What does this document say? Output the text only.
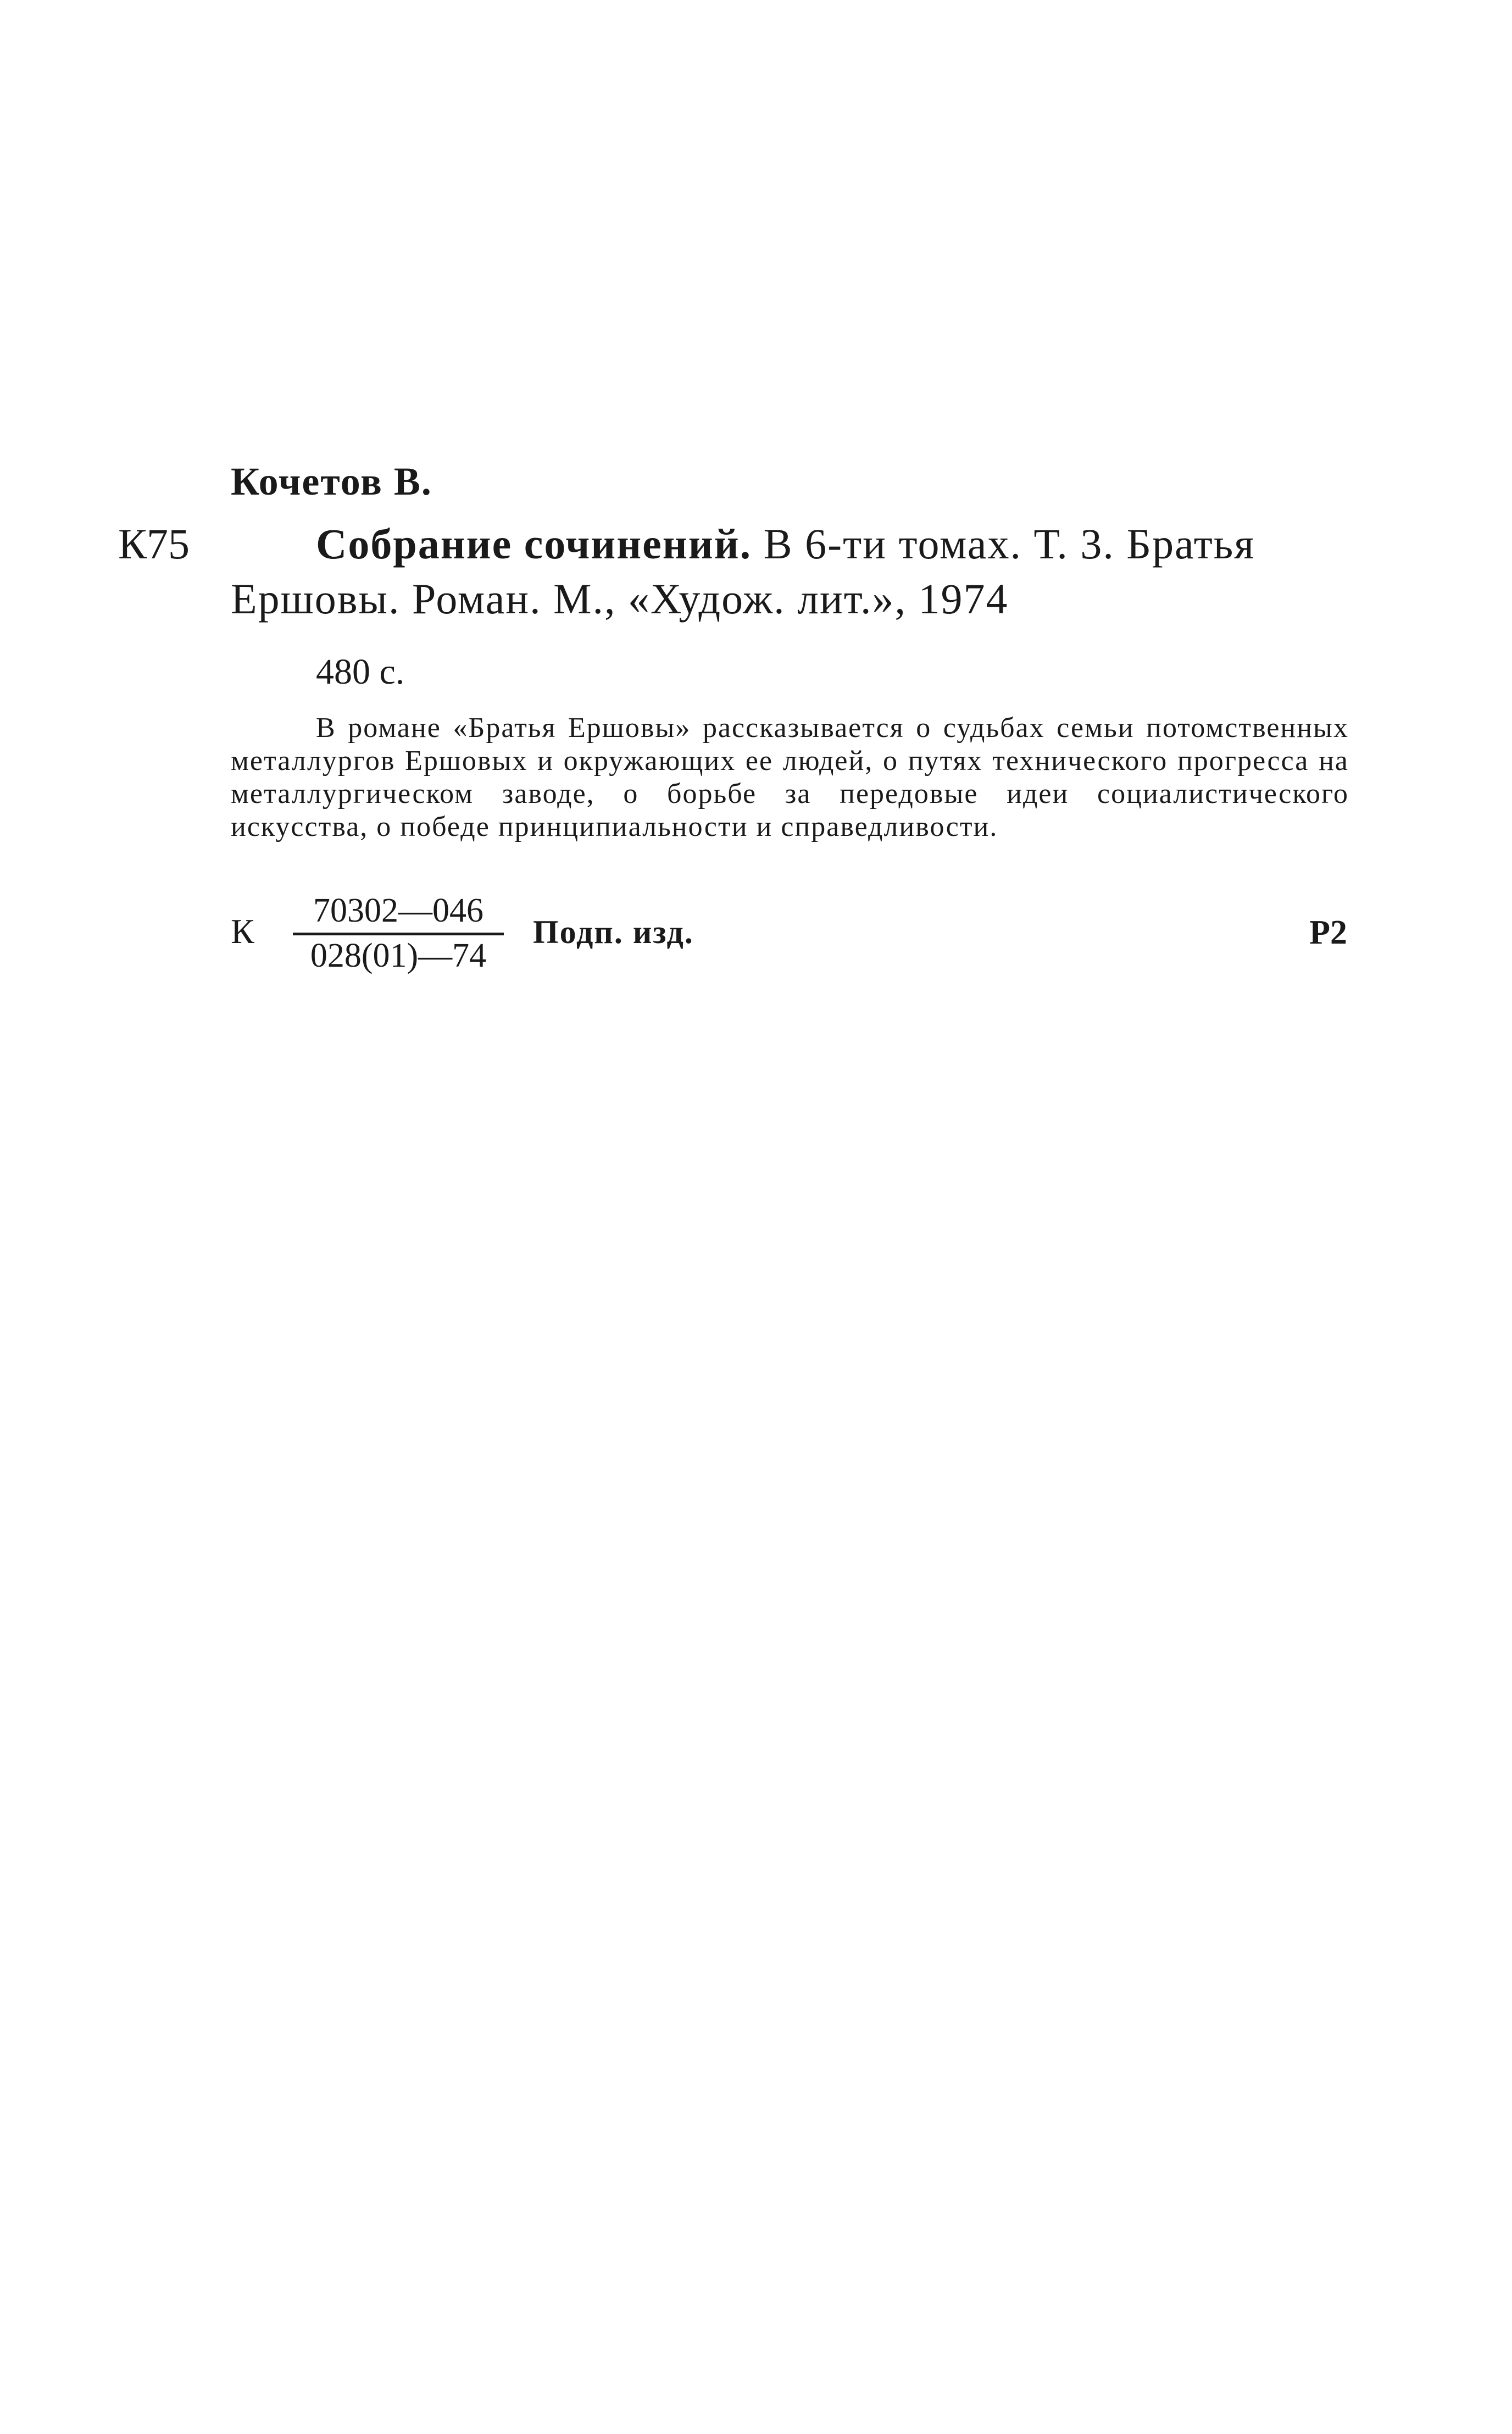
Кочетов В.
К75	Собрание сочинений. В 6-ти томах. Т. 3. Братья
Ершовы. Роман. М., «Худож. лит.», 1974
480 с.
В романе «Братья Ершовы» рассказывается о судьбах семьи потомственных металлургов Ершовых и окружающих ее людей, о путях технического прогресса на металлургическом заводе, о борьбе за передовые идеи социалистического искусства, о победе принципиальности и справедливости.
К
70302—046
028(01)—74
Подп. изд.	Р2
